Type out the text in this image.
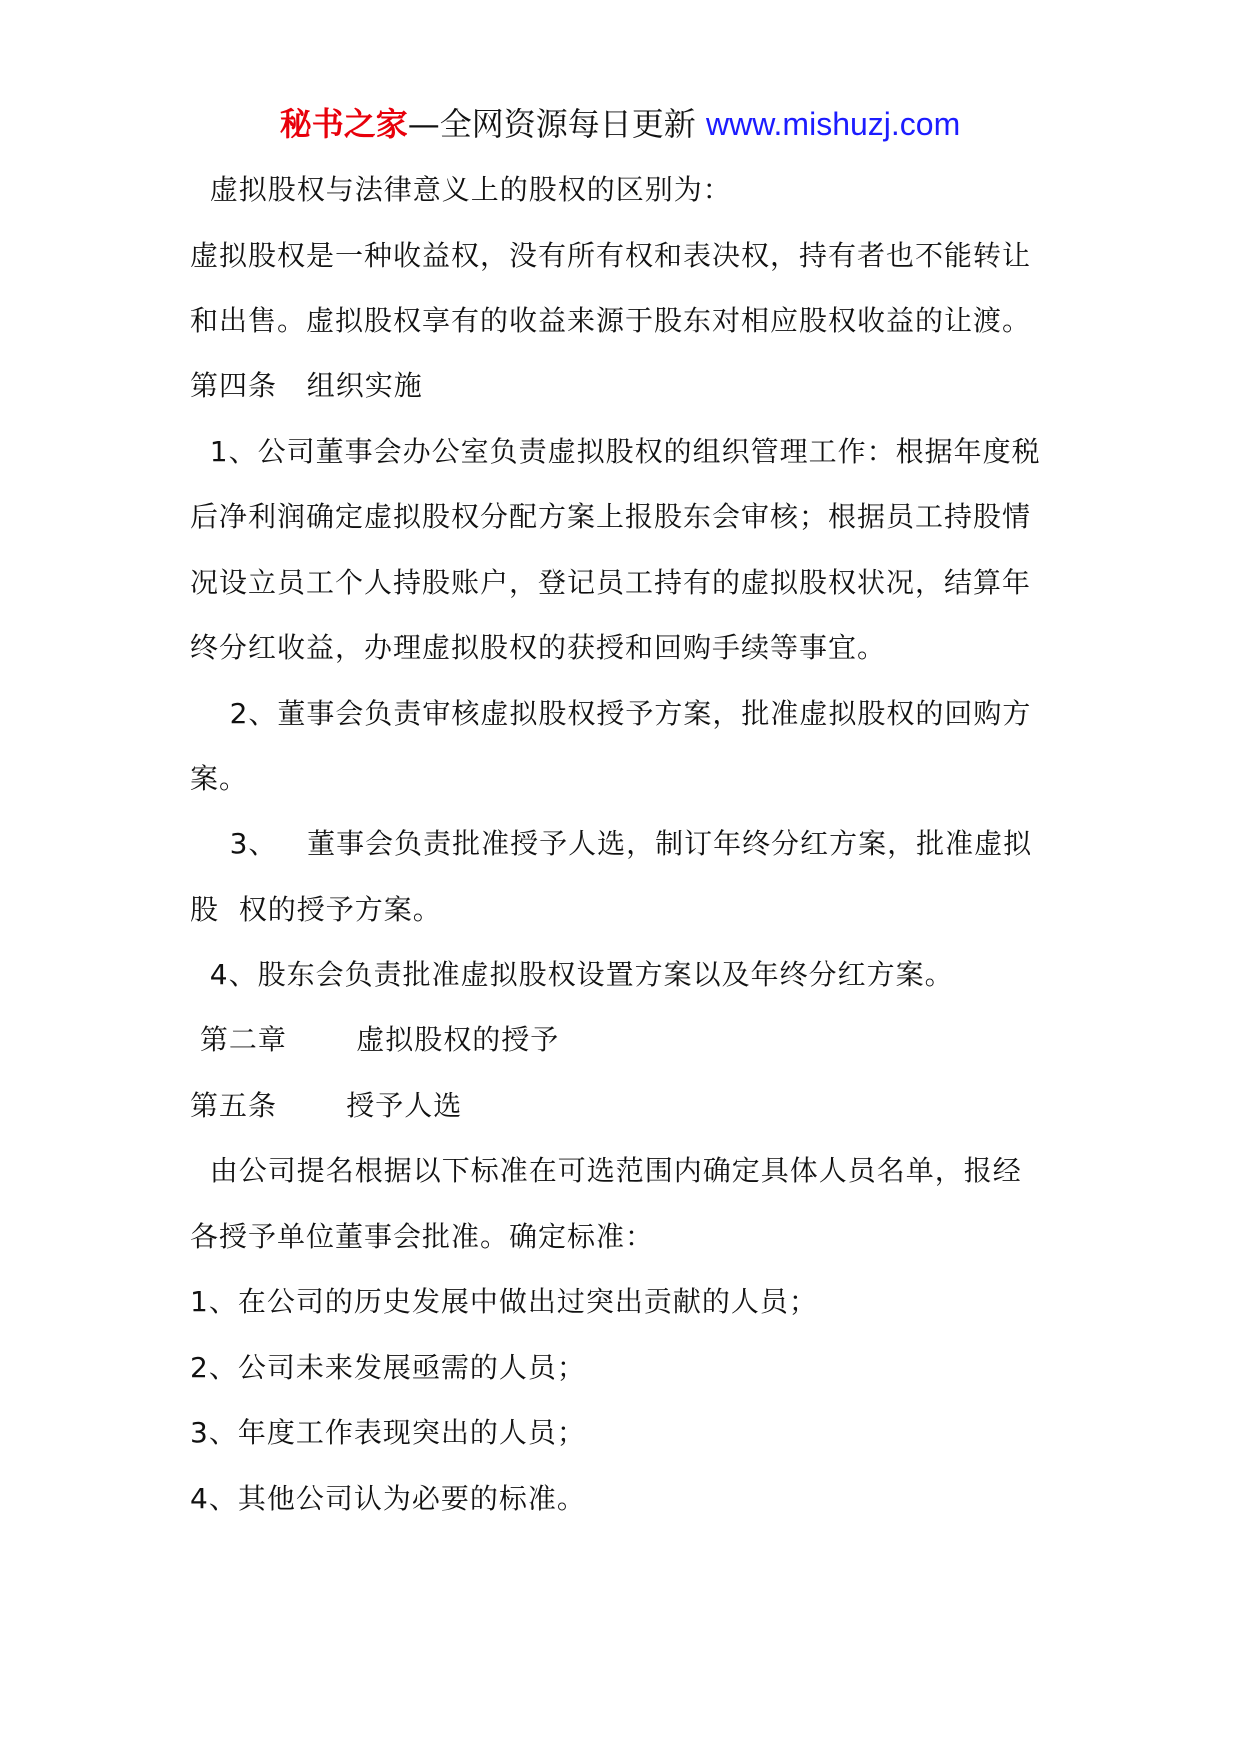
秘书之家—全网资源每日更新 www.mishuzj.com
虚拟股权与法律意义上的股权的区别为：
虚拟股权是一种收益权，没有所有权和表决权，持有者也不能转让
和出售。虚拟股权享有的收益来源于股东对相应股权收益的让渡。
第四条   组织实施
1、公司董事会办公室负责虚拟股权的组织管理工作：根据年度税
后净利润确定虚拟股权分配方案上报股东会审核；根据员工持股情
况设立员工个人持股账户，登记员工持有的虚拟股权状况，结算年
终分红收益，办理虚拟股权的获授和回购手续等事宜。
2、董事会负责审核虚拟股权授予方案，批准虚拟股权的回购方
案。
3、   董事会负责批准授予人选，制订年终分红方案，批准虚拟
股  权的授予方案。
4、股东会负责批准虚拟股权设置方案以及年终分红方案。
第二章       虚拟股权的授予
第五条       授予人选
由公司提名根据以下标准在可选范围内确定具体人员名单，报经
各授予单位董事会批准。确定标准：
1、在公司的历史发展中做出过突出贡献的人员；
2、公司未来发展亟需的人员；
3、年度工作表现突出的人员；
4、其他公司认为必要的标准。
